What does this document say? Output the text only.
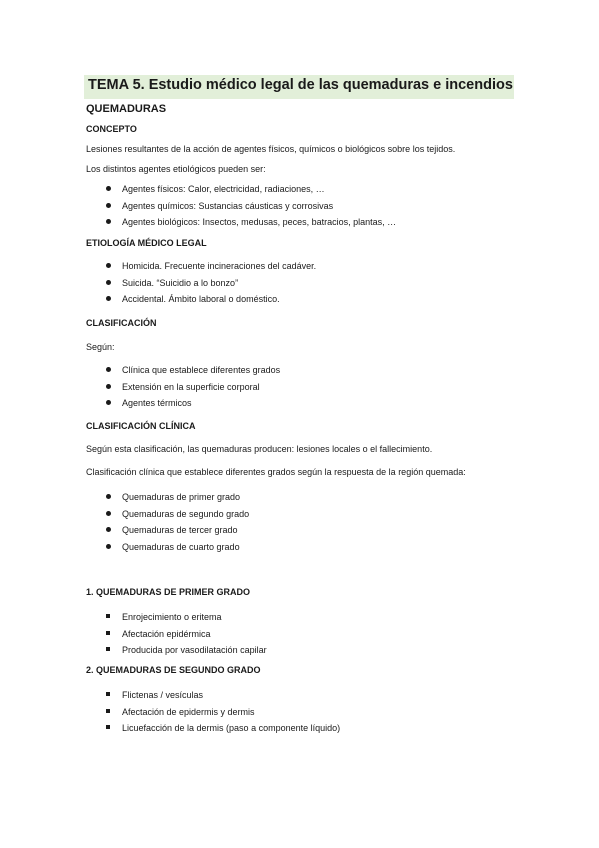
TEMA 5. Estudio médico legal de las quemaduras e incendios
QUEMADURAS
CONCEPTO
Lesiones resultantes de la acción de agentes físicos, químicos o biológicos sobre los tejidos.
Los distintos agentes etiológicos pueden ser:
Agentes físicos: Calor, electricidad, radiaciones, …
Agentes químicos: Sustancias cáusticas y corrosivas
Agentes biológicos: Insectos, medusas, peces, batracios, plantas, …
ETIOLOGÍA MÉDICO LEGAL
Homicida. Frecuente incineraciones del cadáver.
Suicida. “Suicidio a lo bonzo”
Accidental. Ámbito laboral o doméstico.
CLASIFICACIÓN
Según:
Clínica que establece diferentes grados
Extensión en la superficie corporal
Agentes térmicos
CLASIFICACIÓN CLÍNICA
Según esta clasificación, las quemaduras producen: lesiones locales o el fallecimiento.
Clasificación clínica que establece diferentes grados según la respuesta de la región quemada:
Quemaduras de primer grado
Quemaduras de segundo grado
Quemaduras de tercer grado
Quemaduras de cuarto grado
1. QUEMADURAS DE PRIMER GRADO
Enrojecimiento o eritema
Afectación epidérmica
Producida por vasodilatación capilar
2. QUEMADURAS DE SEGUNDO GRADO
Flictenas / vesículas
Afectación de epidermis y dermis
Licuefacción de la dermis (paso a componente líquido)
